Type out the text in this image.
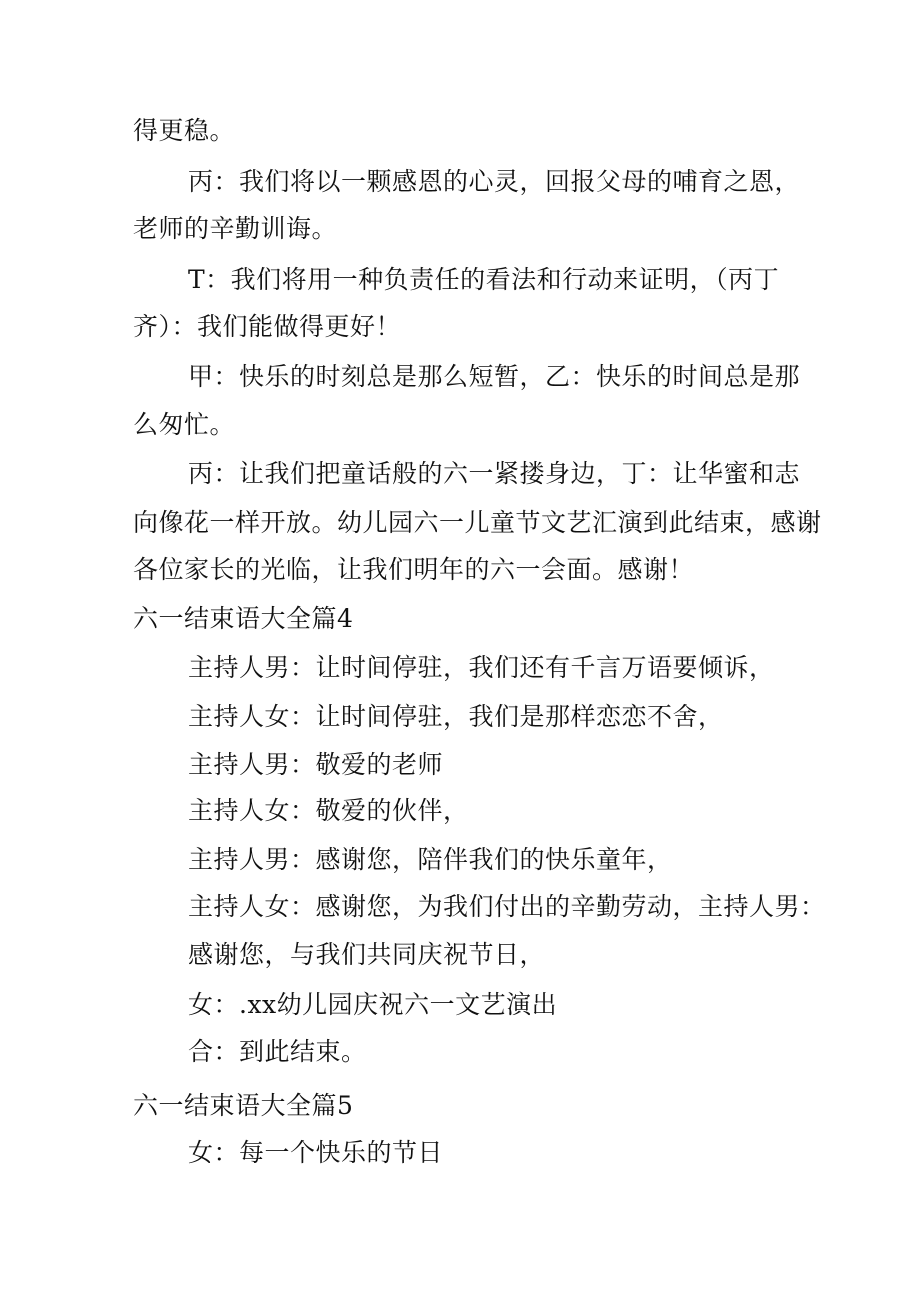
得更稳。
丙：我们将以一颗感恩的心灵，回报父母的哺育之恩，
老师的辛勤训诲。
T：我们将用一种负责任的看法和行动来证明，（丙丁
齐）：我们能做得更好！
甲：快乐的时刻总是那么短暂，乙：快乐的时间总是那
么匆忙。
丙：让我们把童话般的六一紧搂身边，丁：让华蜜和志
向像花一样开放。幼儿园六一儿童节文艺汇演到此结束，感谢
各位家长的光临，让我们明年的六一会面。感谢！
六一结束语大全篇4
主持人男：让时间停驻，我们还有千言万语要倾诉，
主持人女：让时间停驻，我们是那样恋恋不舍，
主持人男：敬爱的老师
主持人女：敬爱的伙伴，
主持人男：感谢您，陪伴我们的快乐童年，
主持人女：感谢您，为我们付出的辛勤劳动，主持人男：
感谢您，与我们共同庆祝节日，
女：.xx幼儿园庆祝六一文艺演出
合：到此结束。
六一结束语大全篇5
女：每一个快乐的节日
